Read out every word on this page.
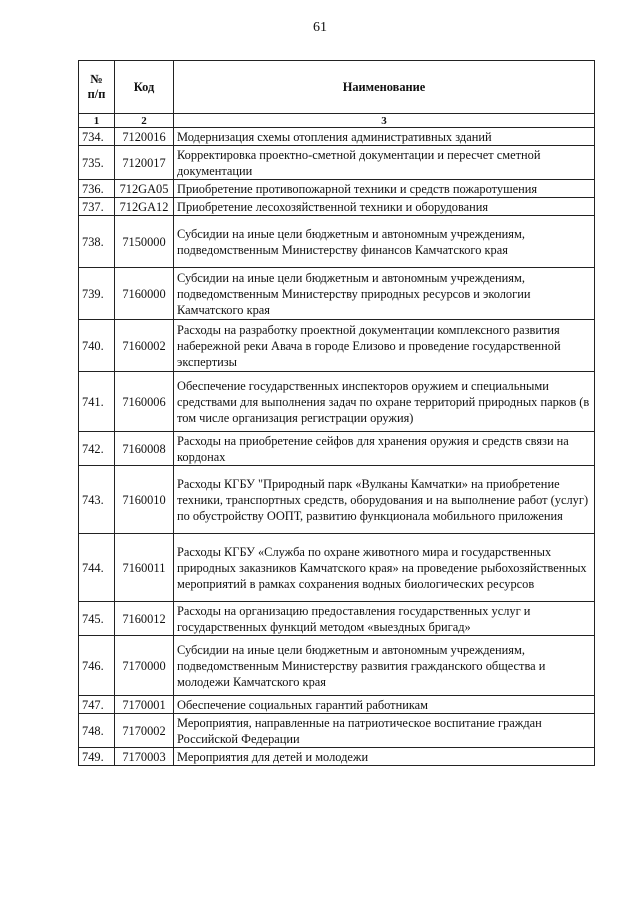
61
№
п/п	Код	Наименование
1	2	3
734.	7120016	Модернизация схемы отопления административных зданий
735.	7120017	Корректировка проектно-сметной документации и пересчет сметной документации
736.	712GA05	Приобретение противопожарной техники и средств пожаротушения
737.	712GA12	Приобретение лесохозяйственной техники и оборудования
738.	7150000	Субсидии на иные цели бюджетным и автономным учреждениям, подведомственным Министерству финансов Камчатского края
739.	7160000	Субсидии на иные цели бюджетным и автономным учреждениям, подведомственным Министерству природных ресурсов и экологии Камчатского края
740.	7160002	Расходы на разработку проектной документации комплексного развития набережной реки Авача в городе Елизово и проведение государственной экспертизы
741.	7160006	Обеспечение государственных инспекторов оружием и специальными средствами для выполнения задач по охране территорий природных парков (в том числе организация регистрации оружия)
742.	7160008	Расходы на приобретение сейфов для хранения оружия и средств связи на кордонах
743.	7160010	Расходы КГБУ "Природный парк «Вулканы Камчатки» на приобретение техники, транспортных средств, оборудования и на выполнение работ (услуг) по обустройству ООПТ, развитию функционала мобильного приложения
744.	7160011	Расходы КГБУ «Служба по охране животного мира и государственных природных заказников Камчатского края» на проведение рыбохозяйственных мероприятий в рамках сохранения водных биологических ресурсов
745.	7160012	Расходы на организацию предоставления государственных услуг и государственных функций методом «выездных бригад»
746.	7170000	Субсидии на иные цели бюджетным и автономным учреждениям, подведомственным Министерству развития гражданского общества и молодежи Камчатского края
747.	7170001	Обеспечение социальных гарантий работникам
748.	7170002	Мероприятия, направленные на патриотическое воспитание граждан Российской Федерации
749.	7170003	Мероприятия для детей и молодежи
